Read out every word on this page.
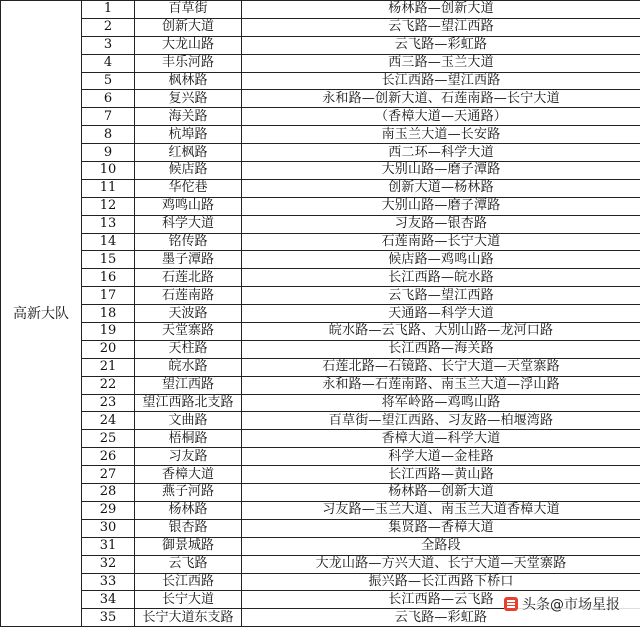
高新大队	1	百草街	杨林路—创新大道
	2	创新大道	云飞路—望江西路
	3	大龙山路	云飞路—彩虹路
	4	丰乐河路	西三路—玉兰大道
	5	枫林路	长江西路—望江西路
	6	复兴路	永和路—创新大道、石莲南路—长宁大道
	7	海关路	（香樟大道—天通路）
	8	杭埠路	南玉兰大道—长安路
	9	红枫路	西二环—科学大道
	10	候店路	大别山路—磨子潭路
	11	华佗巷	创新大道—杨林路
	12	鸡鸣山路	大别山路—磨子潭路
	13	科学大道	习友路—银杏路
	14	铭传路	石莲南路—长宁大道
	15	墨子潭路	候店路—鸡鸣山路
	16	石莲北路	长江西路—皖水路
	17	石莲南路	云飞路—望江西路
	18	天波路	天通路—科学大道
	19	天堂寨路	皖水路—云飞路、大别山路—龙河口路
	20	天柱路	长江西路—海关路
	21	皖水路	石莲北路—石镜路、长宁大道—天堂寨路
	22	望江西路	永和路—石莲南路、南玉兰大道—浮山路
	23	望江西路北支路	将军岭路—鸡鸣山路
	24	文曲路	百草街—望江西路、习友路—柏堰湾路
	25	梧桐路	香樟大道—科学大道
	26	习友路	科学大道—金桂路
	27	香樟大道	长江西路—黄山路
	28	燕子河路	杨林路—创新大道
	29	杨林路	习友路—玉兰大道、南玉兰大道香樟大道
	30	银杏路	集贤路—香樟大道
	31	御景城路	全路段
	32	云飞路	大龙山路—方兴大道、长宁大道—天堂寨路
	33	长江西路	振兴路—长江西路下桥口
	34	长宁大道	长江西路—云飞路
	35	长宁大道东支路	云飞路—彩虹路
头条@市场星报
